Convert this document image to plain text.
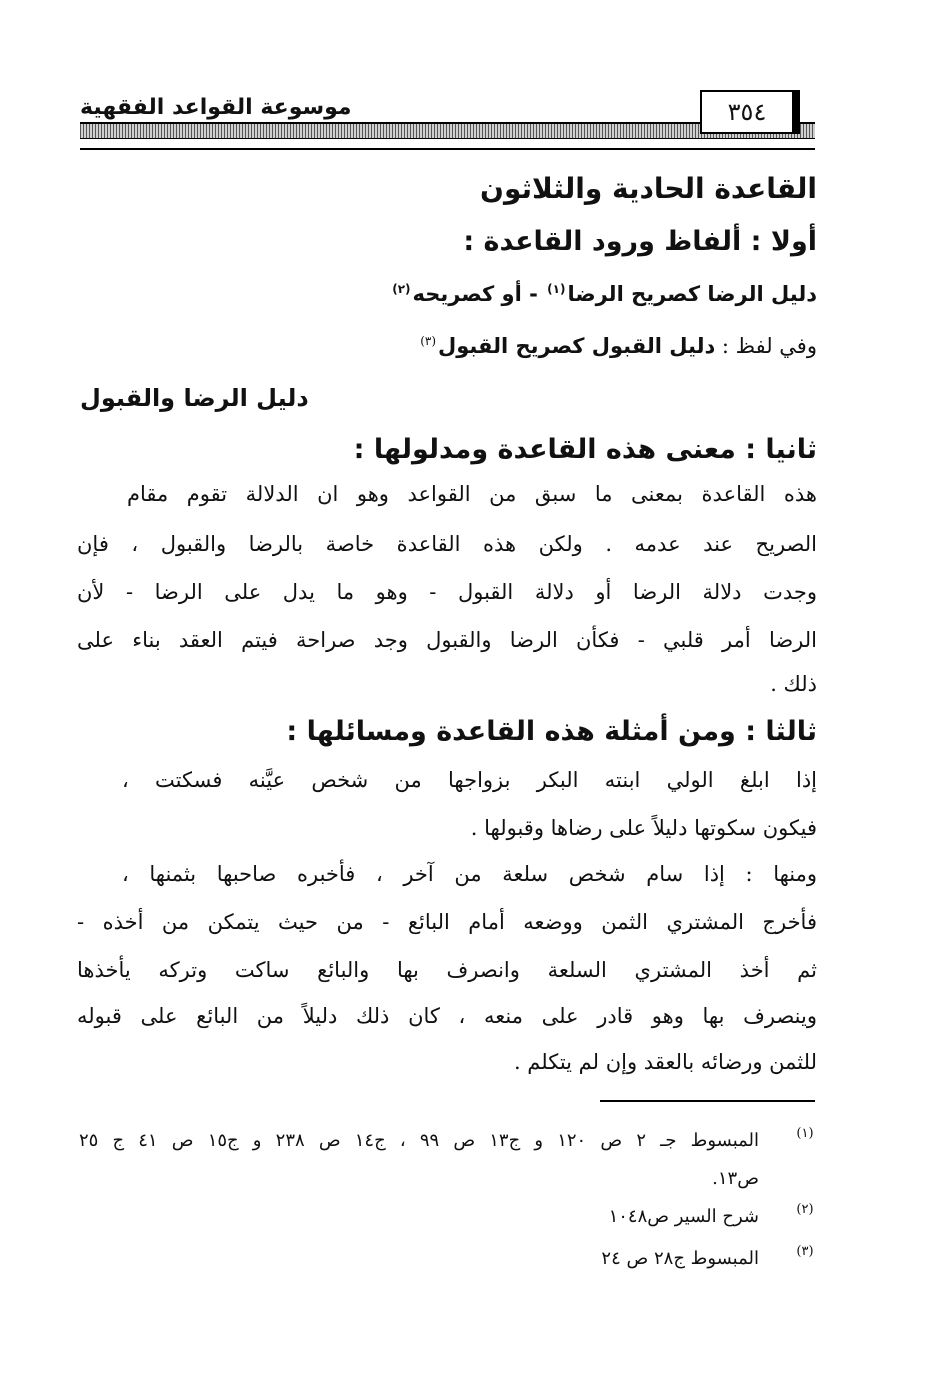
موسوعة القواعد الفقهية	٣٥٤
القاعدة الحادية والثلاثون
أولا : ألفاظ ورود القاعدة :
دليل الرضا كصريح الرضا$^{(١)}$ - أو كصريحه$^{(٢)}$
وفي لفظ : دليل القبول كصريح القبول$^{(٣)}$
دليل الرضا والقبول
ثانيا : معنى هذه القاعدة ومدلولها :
هذه القاعدة بمعنى ما سبق من القواعد وهو ان الدلالة تقوم مقام
الصريح عند عدمه . ولكن هذه القاعدة خاصة بالرضا والقبول ، فإن
وجدت دلالة الرضا أو دلالة القبول - وهو ما يدل على الرضا - لأن
الرضا أمر قلبي - فكأن الرضا والقبول وجد صراحة فيتم العقد بناء على
ذلك .
ثالثا : ومن أمثلة هذه القاعدة ومسائلها :
إذا ابلغ الولي ابنته البكر بزواجها من شخص عيَّنه فسكتت ،
فيكون سكوتها دليلاً على رضاها وقبولها .
ومنها : إذا سام شخص سلعة من آخر ، فأخبره صاحبها بثمنها ،
فأخرج المشتري الثمن ووضعه أمام البائع - من حيث يتمكن من أخذه -
ثم أخذ المشتري السلعة وانصرف بها والبائع ساكت وتركه يأخذها
وينصرف بها وهو قادر على منعه ، كان ذلك دليلاً من البائع على قبوله
للثمن ورضائه بالعقد وإن لم يتكلم .
(١)
المبسوط جـ ٢ ص ١٢٠ و ج١٣ ص ٩٩ ، ج١٤ ص ٢٣٨ و ج١٥ ص ٤١ ج ٢٥
ص١٣.
(٢)
شرح السير ص١٠٤٨
(٣)
المبسوط ج٢٨ ص ٢٤
